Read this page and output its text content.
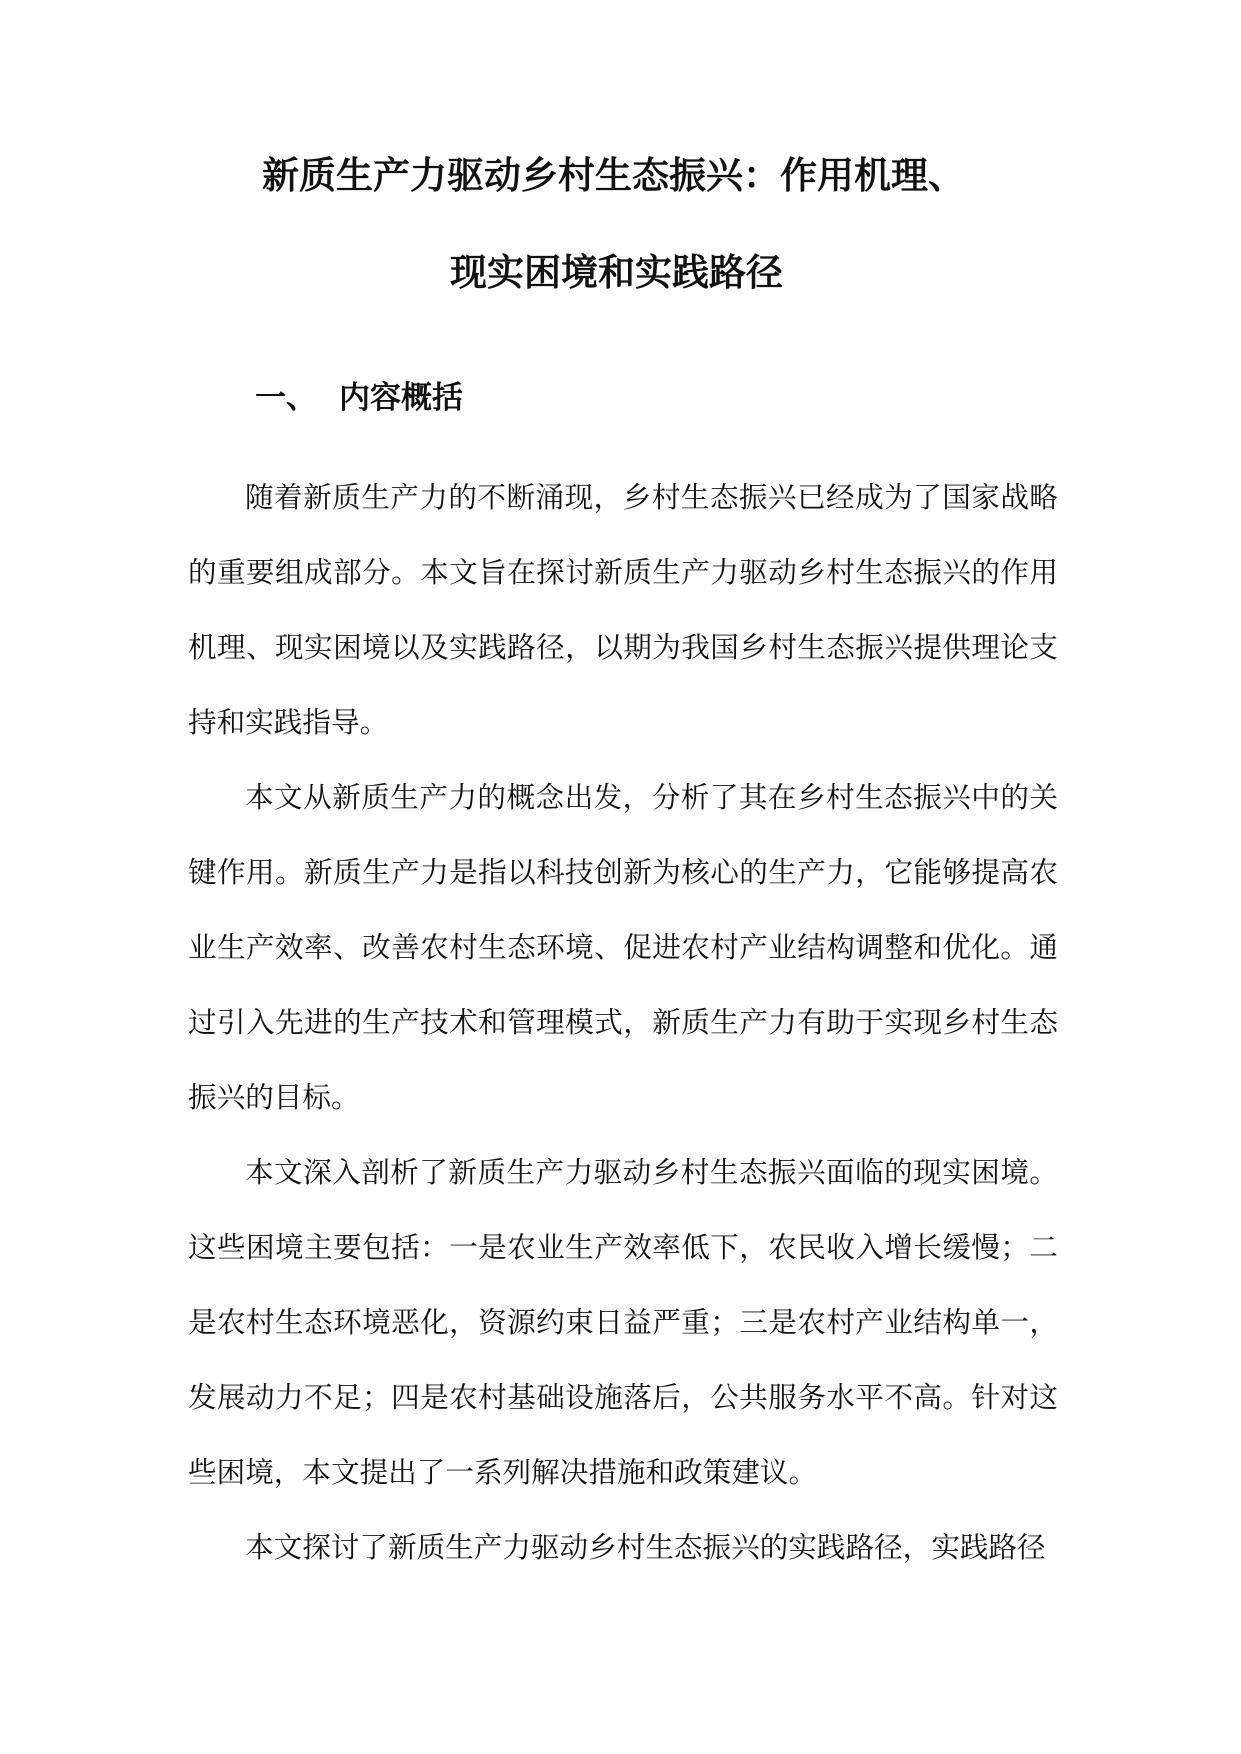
新质生产力驱动乡村生态振兴：作用机理、
现实困境和实践路径
一、 内容概括

随着新质生产力的不断涌现，乡村生态振兴已经成为了国家战略的重要组成部分。本文旨在探讨新质生产力驱动乡村生态振兴的作用机理、现实困境以及实践路径，以期为我国乡村生态振兴提供理论支持和实践指导。

本文从新质生产力的概念出发，分析了其在乡村生态振兴中的关键作用。新质生产力是指以科技创新为核心的生产力，它能够提高农业生产效率、改善农村生态环境、促进农村产业结构调整和优化。通过引入先进的生产技术和管理模式，新质生产力有助于实现乡村生态振兴的目标。

本文深入剖析了新质生产力驱动乡村生态振兴面临的现实困境。这些困境主要包括：一是农业生产效率低下，农民收入增长缓慢；二是农村生态环境恶化，资源约束日益严重；三是农村产业结构单一，发展动力不足；四是农村基础设施落后，公共服务水平不高。针对这些困境，本文提出了一系列解决措施和政策建议。

本文探讨了新质生产力驱动乡村生态振兴的实践路径，实践路径
